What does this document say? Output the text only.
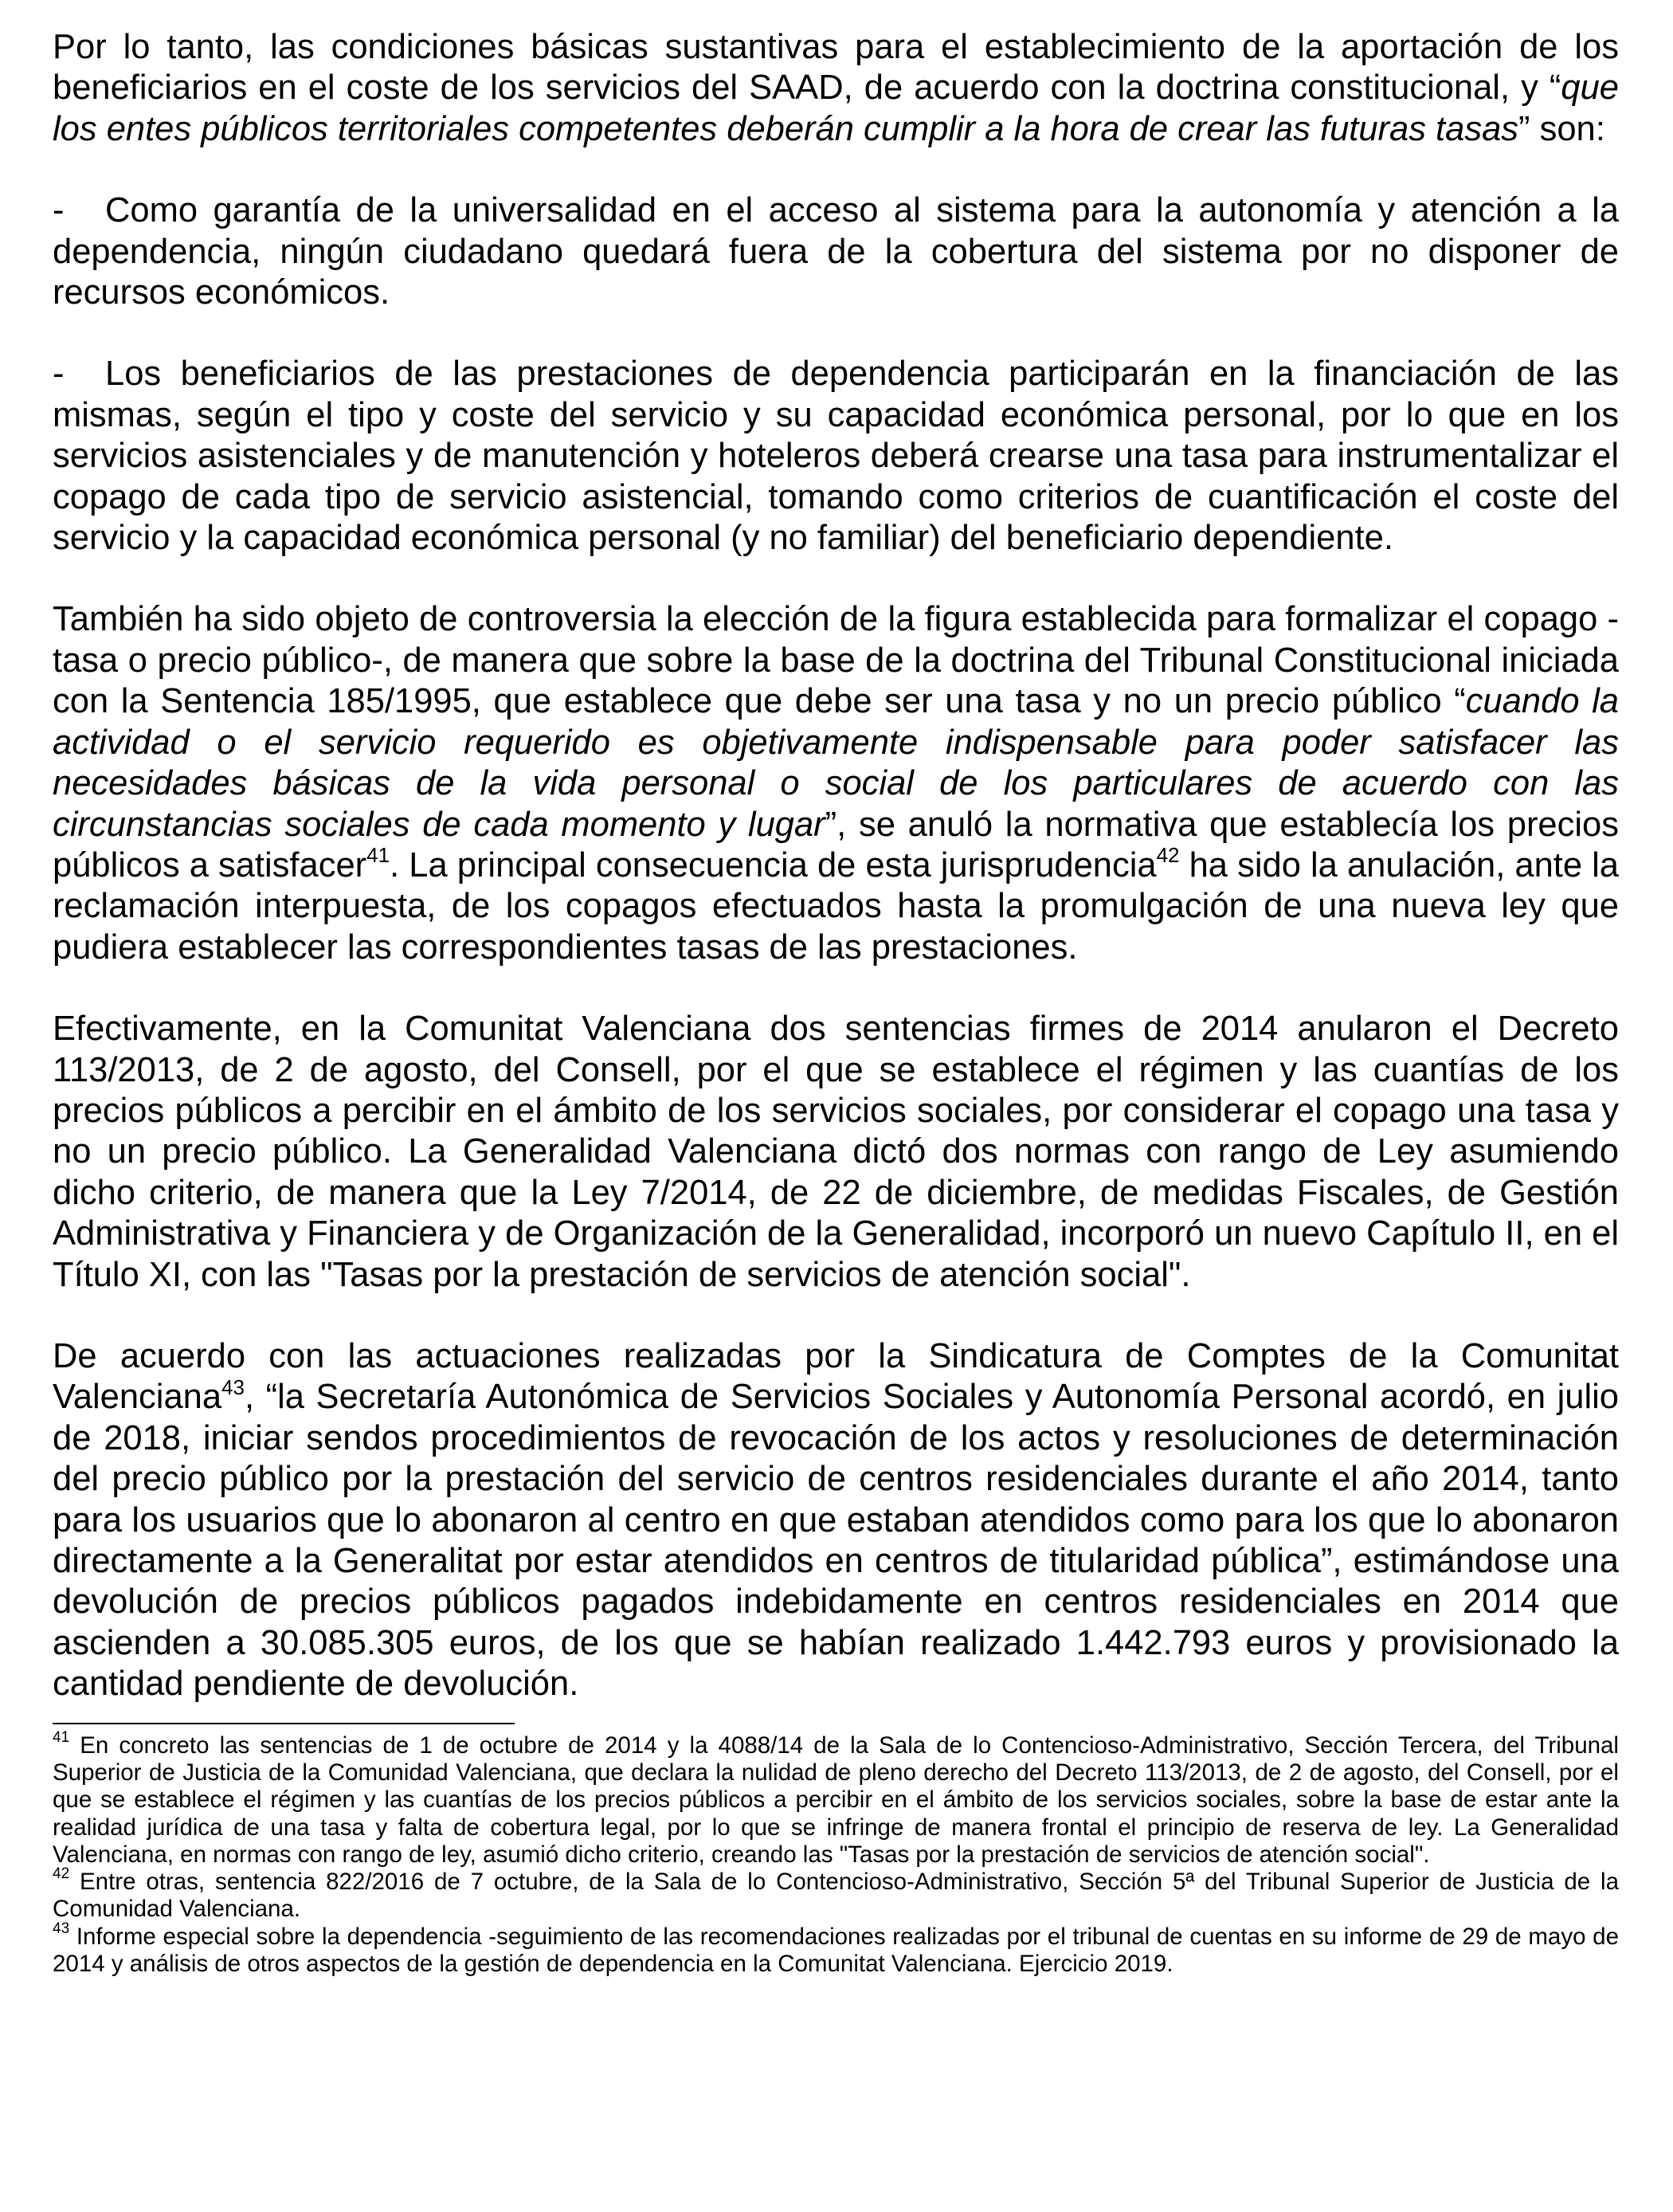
Por lo tanto, las condiciones básicas sustantivas para el establecimiento de la aportación de los beneficiarios en el coste de los servicios del SAAD, de acuerdo con la doctrina constitucional, y “que los entes públicos territoriales competentes deberán cumplir a la hora de crear las futuras tasas” son:

- Como garantía de la universalidad en el acceso al sistema para la autonomía y atención a la dependencia, ningún ciudadano quedará fuera de la cobertura del sistema por no disponer de recursos económicos.

- Los beneficiarios de las prestaciones de dependencia participarán en la financiación de las mismas, según el tipo y coste del servicio y su capacidad económica personal, por lo que en los servicios asistenciales y de manutención y hoteleros deberá crearse una tasa para instrumentalizar el copago de cada tipo de servicio asistencial, tomando como criterios de cuantificación el coste del servicio y la capacidad económica personal (y no familiar) del beneficiario dependiente.

También ha sido objeto de controversia la elección de la figura establecida para formalizar el copago -tasa o precio público-, de manera que sobre la base de la doctrina del Tribunal Constitucional iniciada con la Sentencia 185/1995, que establece que debe ser una tasa y no un precio público “cuando la actividad o el servicio requerido es objetivamente indispensable para poder satisfacer las necesidades básicas de la vida personal o social de los particulares de acuerdo con las circunstancias sociales de cada momento y lugar”, se anuló la normativa que establecía los precios públicos a satisfacer$^{41}$. La principal consecuencia de esta jurisprudencia$^{42}$ ha sido la anulación, ante la reclamación interpuesta, de los copagos efectuados hasta la promulgación de una nueva ley que pudiera establecer las correspondientes tasas de las prestaciones.

Efectivamente, en la Comunitat Valenciana dos sentencias firmes de 2014 anularon el Decreto 113/2013, de 2 de agosto, del Consell, por el que se establece el régimen y las cuantías de los precios públicos a percibir en el ámbito de los servicios sociales, por considerar el copago una tasa y no un precio público. La Generalidad Valenciana dictó dos normas con rango de Ley asumiendo dicho criterio, de manera que la Ley 7/2014, de 22 de diciembre, de medidas Fiscales, de Gestión Administrativa y Financiera y de Organización de la Generalidad, incorporó un nuevo Capítulo II, en el Título XI, con las "Tasas por la prestación de servicios de atención social".

De acuerdo con las actuaciones realizadas por la Sindicatura de Comptes de la Comunitat Valenciana$^{43}$, “la Secretaría Autonómica de Servicios Sociales y Autonomía Personal acordó, en julio de 2018, iniciar sendos procedimientos de revocación de los actos y resoluciones de determinación del precio público por la prestación del servicio de centros residenciales durante el año 2014, tanto para los usuarios que lo abonaron al centro en que estaban atendidos como para los que lo abonaron directamente a la Generalitat por estar atendidos en centros de titularidad pública”, estimándose una devolución de precios públicos pagados indebidamente en centros residenciales en 2014 que ascienden a 30.085.305 euros, de los que se habían realizado 1.442.793 euros y provisionado la cantidad pendiente de devolución.

$^{41}$ En concreto las sentencias de 1 de octubre de 2014 y la 4088/14 de la Sala de lo Contencioso-Administrativo, Sección Tercera, del Tribunal Superior de Justicia de la Comunidad Valenciana, que declara la nulidad de pleno derecho del Decreto 113/2013, de 2 de agosto, del Consell, por el que se establece el régimen y las cuantías de los precios públicos a percibir en el ámbito de los servicios sociales, sobre la base de estar ante la realidad jurídica de una tasa y falta de cobertura legal, por lo que se infringe de manera frontal el principio de reserva de ley. La Generalidad Valenciana, en normas con rango de ley, asumió dicho criterio, creando las "Tasas por la prestación de servicios de atención social".

$^{42}$ Entre otras, sentencia 822/2016 de 7 octubre, de la Sala de lo Contencioso-Administrativo, Sección 5ª del Tribunal Superior de Justicia de la Comunidad Valenciana.

$^{43}$ Informe especial sobre la dependencia -seguimiento de las recomendaciones realizadas por el tribunal de cuentas en su informe de 29 de mayo de 2014 y análisis de otros aspectos de la gestión de dependencia en la Comunitat Valenciana. Ejercicio 2019.
